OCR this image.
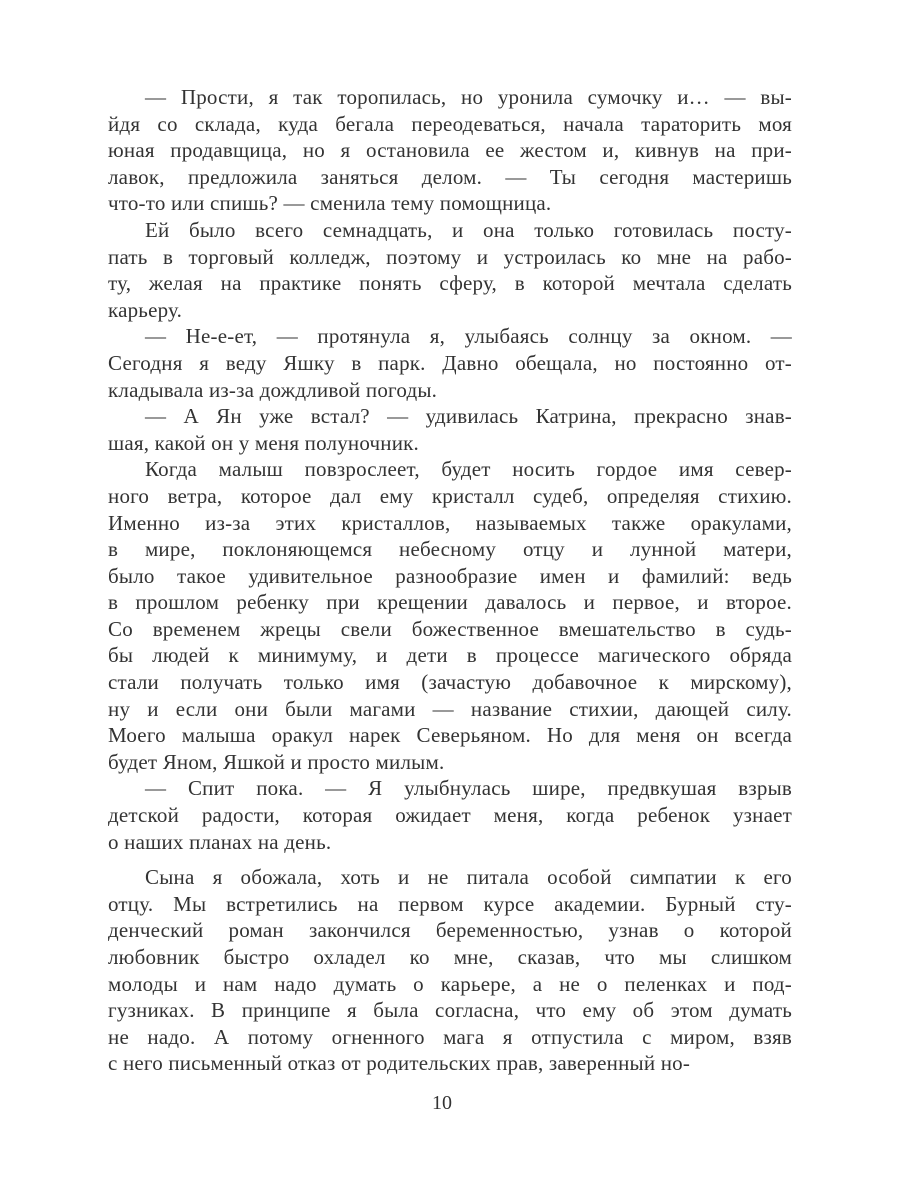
— Прости, я так торопилась, но уронила сумочку и… — вы-
йдя со склада, куда бегала переодеваться, начала тараторить моя
юная продавщица, но я остановила ее жестом и, кивнув на при-
лавок, предложила заняться делом. — Ты сегодня мастеришь
что-то или спишь? — сменила тему помощница.
Ей было всего семнадцать, и она только готовилась посту-
пать в торговый колледж, поэтому и устроилась ко мне на рабо-
ту, желая на практике понять сферу, в которой мечтала сделать
карьеру.
— Не-е-ет, — протянула я, улыбаясь солнцу за окном. —
Сегодня я веду Яшку в парк. Давно обещала, но постоянно от-
кладывала из-за дождливой погоды.
— А Ян уже встал? — удивилась Катрина, прекрасно знав-
шая, какой он у меня полуночник.
Когда малыш повзрослеет, будет носить гордое имя север-
ного ветра, которое дал ему кристалл судеб, определяя стихию.
Именно из-за этих кристаллов, называемых также оракулами,
в мире, поклоняющемся небесному отцу и лунной матери,
было такое удивительное разнообразие имен и фамилий: ведь
в прошлом ребенку при крещении давалось и первое, и второе.
Со временем жрецы свели божественное вмешательство в судь-
бы людей к минимуму, и дети в процессе магического обряда
стали получать только имя (зачастую добавочное к мирскому),
ну и если они были магами — название стихии, дающей силу.
Моего малыша оракул нарек Северьяном. Но для меня он всегда
будет Яном, Яшкой и просто милым.
— Спит пока. — Я улыбнулась шире, предвкушая взрыв
детской радости, которая ожидает меня, когда ребенок узнает
о наших планах на день.
Сына я обожала, хоть и не питала особой симпатии к его
отцу. Мы встретились на первом курсе академии. Бурный сту-
денческий роман закончился беременностью, узнав о которой
любовник быстро охладел ко мне, сказав, что мы слишком
молоды и нам надо думать о карьере, а не о пеленках и под-
гузниках. В принципе я была согласна, что ему об этом думать
не надо. А потому огненного мага я отпустила с миром, взяв
с него письменный отказ от родительских прав, заверенный но-
10
